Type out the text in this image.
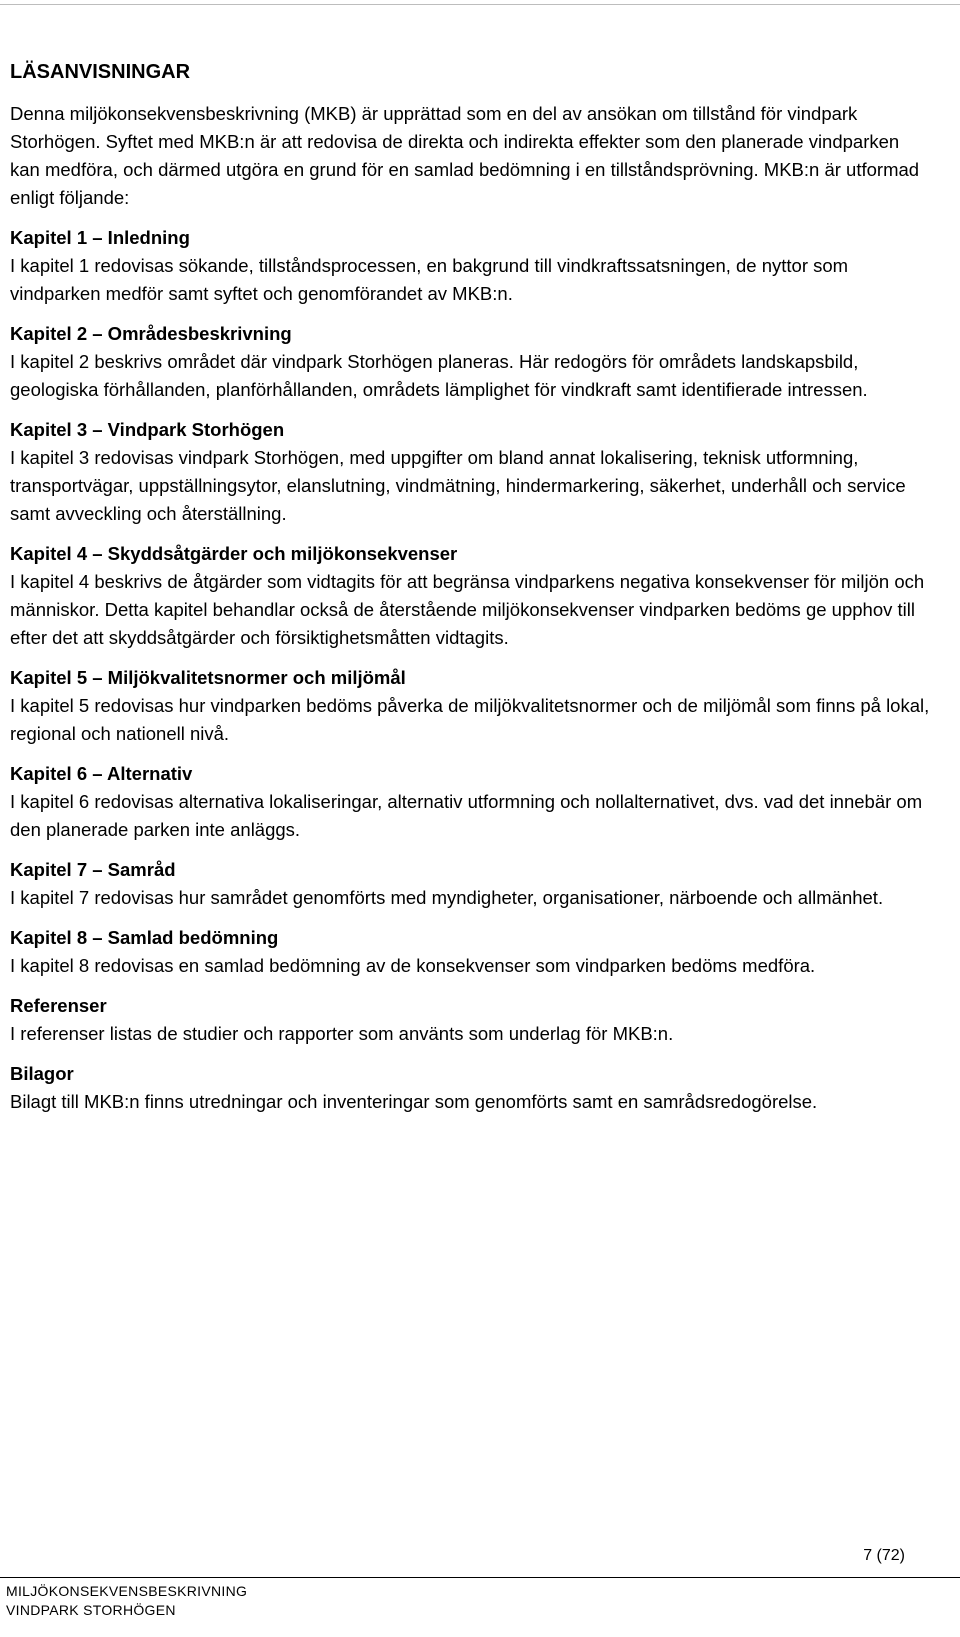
LÄSANVISNINGAR

Denna miljökonsekvensbeskrivning (MKB) är upprättad som en del av ansökan om tillstånd för vindpark Storhögen. Syftet med MKB:n är att redovisa de direkta och indirekta effekter som den planerade vindparken kan medföra, och därmed utgöra en grund för en samlad bedömning i en tillståndsprövning. MKB:n är utformad enligt följande:

Kapitel 1 – Inledning

I kapitel 1 redovisas sökande, tillståndsprocessen, en bakgrund till vindkraftssatsningen, de nyttor som vindparken medför samt syftet och genomförandet av MKB:n.

Kapitel 2 – Områdesbeskrivning

I kapitel 2 beskrivs området där vindpark Storhögen planeras. Här redogörs för områdets landskapsbild, geologiska förhållanden, planförhållanden, områdets lämplighet för vindkraft samt identifierade intressen.

Kapitel 3 – Vindpark Storhögen

I kapitel 3 redovisas vindpark Storhögen, med uppgifter om bland annat lokalisering, teknisk utformning, transportvägar, uppställningsytor, elanslutning, vindmätning, hindermarkering, säkerhet, underhåll och service samt avveckling och återställning.

Kapitel 4 – Skyddsåtgärder och miljökonsekvenser

I kapitel 4 beskrivs de åtgärder som vidtagits för att begränsa vindparkens negativa konsekvenser för miljön och människor. Detta kapitel behandlar också de återstående miljökonsekvenser vindparken bedöms ge upphov till efter det att skyddsåtgärder och försiktighetsmåtten vidtagits.

Kapitel 5 – Miljökvalitetsnormer och miljömål

I kapitel 5 redovisas hur vindparken bedöms påverka de miljökvalitetsnormer och de miljömål som finns på lokal, regional och nationell nivå.

Kapitel 6 – Alternativ

I kapitel 6 redovisas alternativa lokaliseringar, alternativ utformning och nollalternativet, dvs. vad det innebär om den planerade parken inte anläggs.

Kapitel 7 – Samråd

I kapitel 7 redovisas hur samrådet genomförts med myndigheter, organisationer, närboende och allmänhet.

Kapitel 8 – Samlad bedömning

I kapitel 8 redovisas en samlad bedömning av de konsekvenser som vindparken bedöms medföra.

Referenser

I referenser listas de studier och rapporter som använts som underlag för MKB:n.

Bilagor

Bilagt till MKB:n finns utredningar och inventeringar som genomförts samt en samrådsredogörelse.

7 (72)
MILJÖKONSEKVENSBESKRIVNING
VINDPARK STORHÖGEN
